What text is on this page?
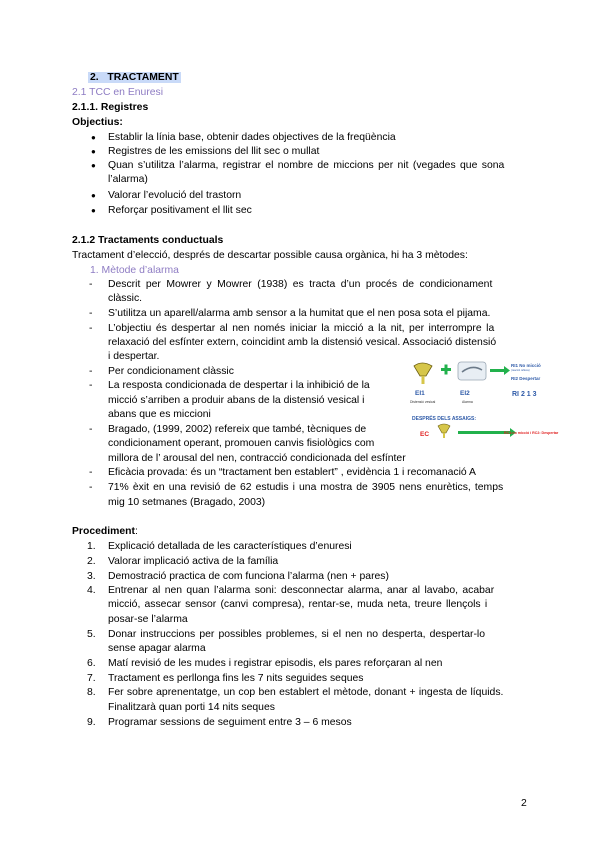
2. TRACTAMENT
2.1 TCC en Enuresi
2.1.1. Registres
Objectius:
● Establir la línia base, obtenir dades objectives de la freqüència
● Registres de les emissions del llit sec o mullat
● Quan s’utilitza l’alarma, registrar el nombre de miccions per nit (vegades que sona
l’alarma)
● Valorar l’evolució del trastorn
● Reforçar positivament el llit sec
2.1.2 Tractaments conductuals
Tractament d’elecció, després de descartar possible causa orgànica, hi ha 3 mètodes:
1. Mètode d’alarma
- Descrit per Mowrer y Mowrer (1938) es tracta d’un procés de condicionament
clàssic.
- S’utilitza un aparell/alarma amb sensor a la humitat que el nen posa sota el pijama.
- L’objectiu és despertar al nen només iniciar la micció a la nit, per interrompre la
relaxació del esfínter extern, coincidint amb la distensió vesical. Associació distensió
i despertar.
- Per condicionament clàssic
- La resposta condicionada de despertar i la inhibició de la
micció s’arriben a produir abans de la distensió vesical i
abans que es miccioni
- Bragado, (1999, 2002) refereix que també, tècniques de
condicionament operant, promouen canvis fisiològics com
millora de l’ arousal del nen, contracció condicionada del esfínter
- Eficàcia provada: és un “tractament ben establert” , evidència 1 i recomanació A
- 71% èxit en una revisió de 62 estudis i una mostra de 3905 nens enurètics, temps
mig 10 setmanes (Bragado, 2003)
RI1 No micció
(reacció reflexa)
RI2 Despertar
EI1
Distensió vesical
EI2
Alarma
RI 2 1 3
DESPRÉS DELS ASSAIGS:
EC	RC1:no micció i RC2: Despertar
Procediment:
1. Explicació detallada de les característiques d’enuresi
2. Valorar implicació activa de la família
3. Demostració practica de com funciona l’alarma (nen + pares)
4. Entrenar al nen quan l’alarma soni: desconnectar alarma, anar al lavabo, acabar
micció, assecar sensor (canvi compresa), rentar-se, muda neta, treure llençols i
posar-se l’alarma
5. Donar instruccions per possibles problemes, si el nen no desperta, despertar-lo
sense apagar alarma
6. Matí revisió de les mudes i registrar episodis, els pares reforçaran al nen
7. Tractament es perllonga fins les 7 nits seguides seques
8. Fer sobre aprenentatge, un cop ben establert el mètode, donant + ingesta de líquids.
Finalitzarà quan porti 14 nits seques
9. Programar sessions de seguiment entre 3 – 6 mesos
2
